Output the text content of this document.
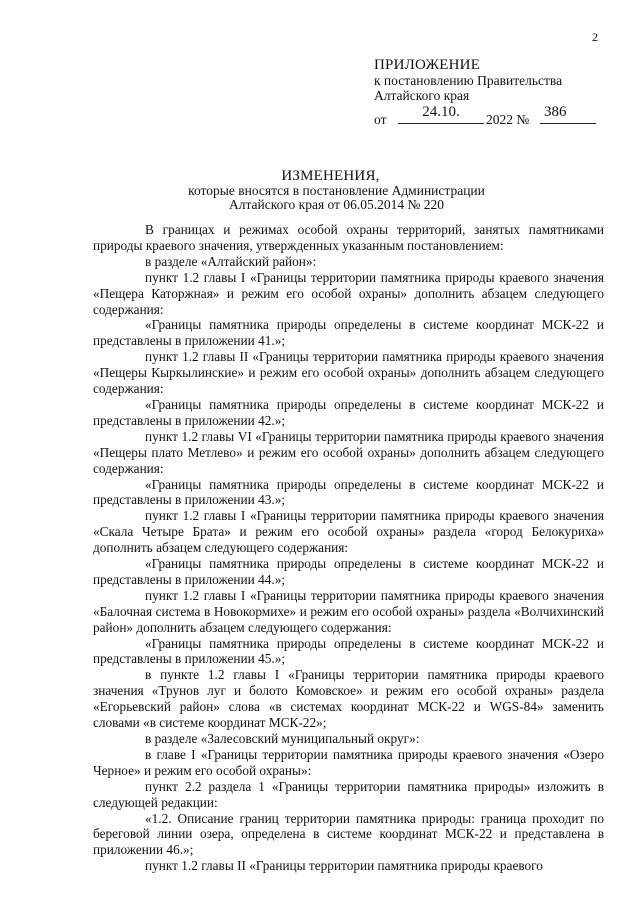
2
ПРИЛОЖЕНИЕ
к постановлению Правительства
Алтайского края
от	24.10.	2022 № 386
ИЗМЕНЕНИЯ,
которые вносятся в постановление Администрации
Алтайского края от 06.05.2014 № 220

В границах и режимах особой охраны территорий, занятых памятниками природы краевого значения, утвержденных указанным постановлением:

в разделе «Алтайский район»:

пункт 1.2 главы I «Границы территории памятника природы краевого значения «Пещера Каторжная» и режим его особой охраны» дополнить абзацем следующего содержания:

«Границы памятника природы определены в системе координат МСК-22 и представлены в приложении 41.»;

пункт 1.2 главы II «Границы территории памятника природы краевого значения «Пещеры Кыркылинские» и режим его особой охраны» дополнить абзацем следующего содержания:

«Границы памятника природы определены в системе координат МСК-22 и представлены в приложении 42.»;

пункт 1.2 главы VI «Границы территории памятника природы краевого значения «Пещеры плато Метлево» и режим его особой охраны» дополнить абзацем следующего содержания:

«Границы памятника природы определены в системе координат МСК-22 и представлены в приложении 43.»;

пункт 1.2 главы I «Границы территории памятника природы краевого значения «Скала Четыре Брата» и режим его особой охраны» раздела «город Белокуриха» дополнить абзацем следующего содержания:

«Границы памятника природы определены в системе координат МСК-22 и представлены в приложении 44.»;

пункт 1.2 главы I «Границы территории памятника природы краевого значения «Балочная система в Новокормихе» и режим его особой охраны» раздела «Волчихинский район» дополнить абзацем следующего содержания:

«Границы памятника природы определены в системе координат МСК-22 и представлены в приложении 45.»;

в пункте 1.2 главы I «Границы территории памятника природы краевого значения «Трунов луг и болото Комовское» и режим его особой охраны» раздела «Егорьевский район» слова «в системах координат МСК-22 и WGS-84» заменить словами «в системе координат МСК-22»;

в разделе «Залесовский муниципальный округ»:

в главе I «Границы территории памятника природы краевого значения «Озеро Черное» и режим его особой охраны»:

пункт 2.2 раздела 1 «Границы территории памятника природы» изложить в следующей редакции:

«1.2. Описание границ территории памятника природы: граница проходит по береговой линии озера, определена в системе координат МСК-22 и представлена в приложении 46.»;

пункт 1.2 главы II «Границы территории памятника природы краевого
